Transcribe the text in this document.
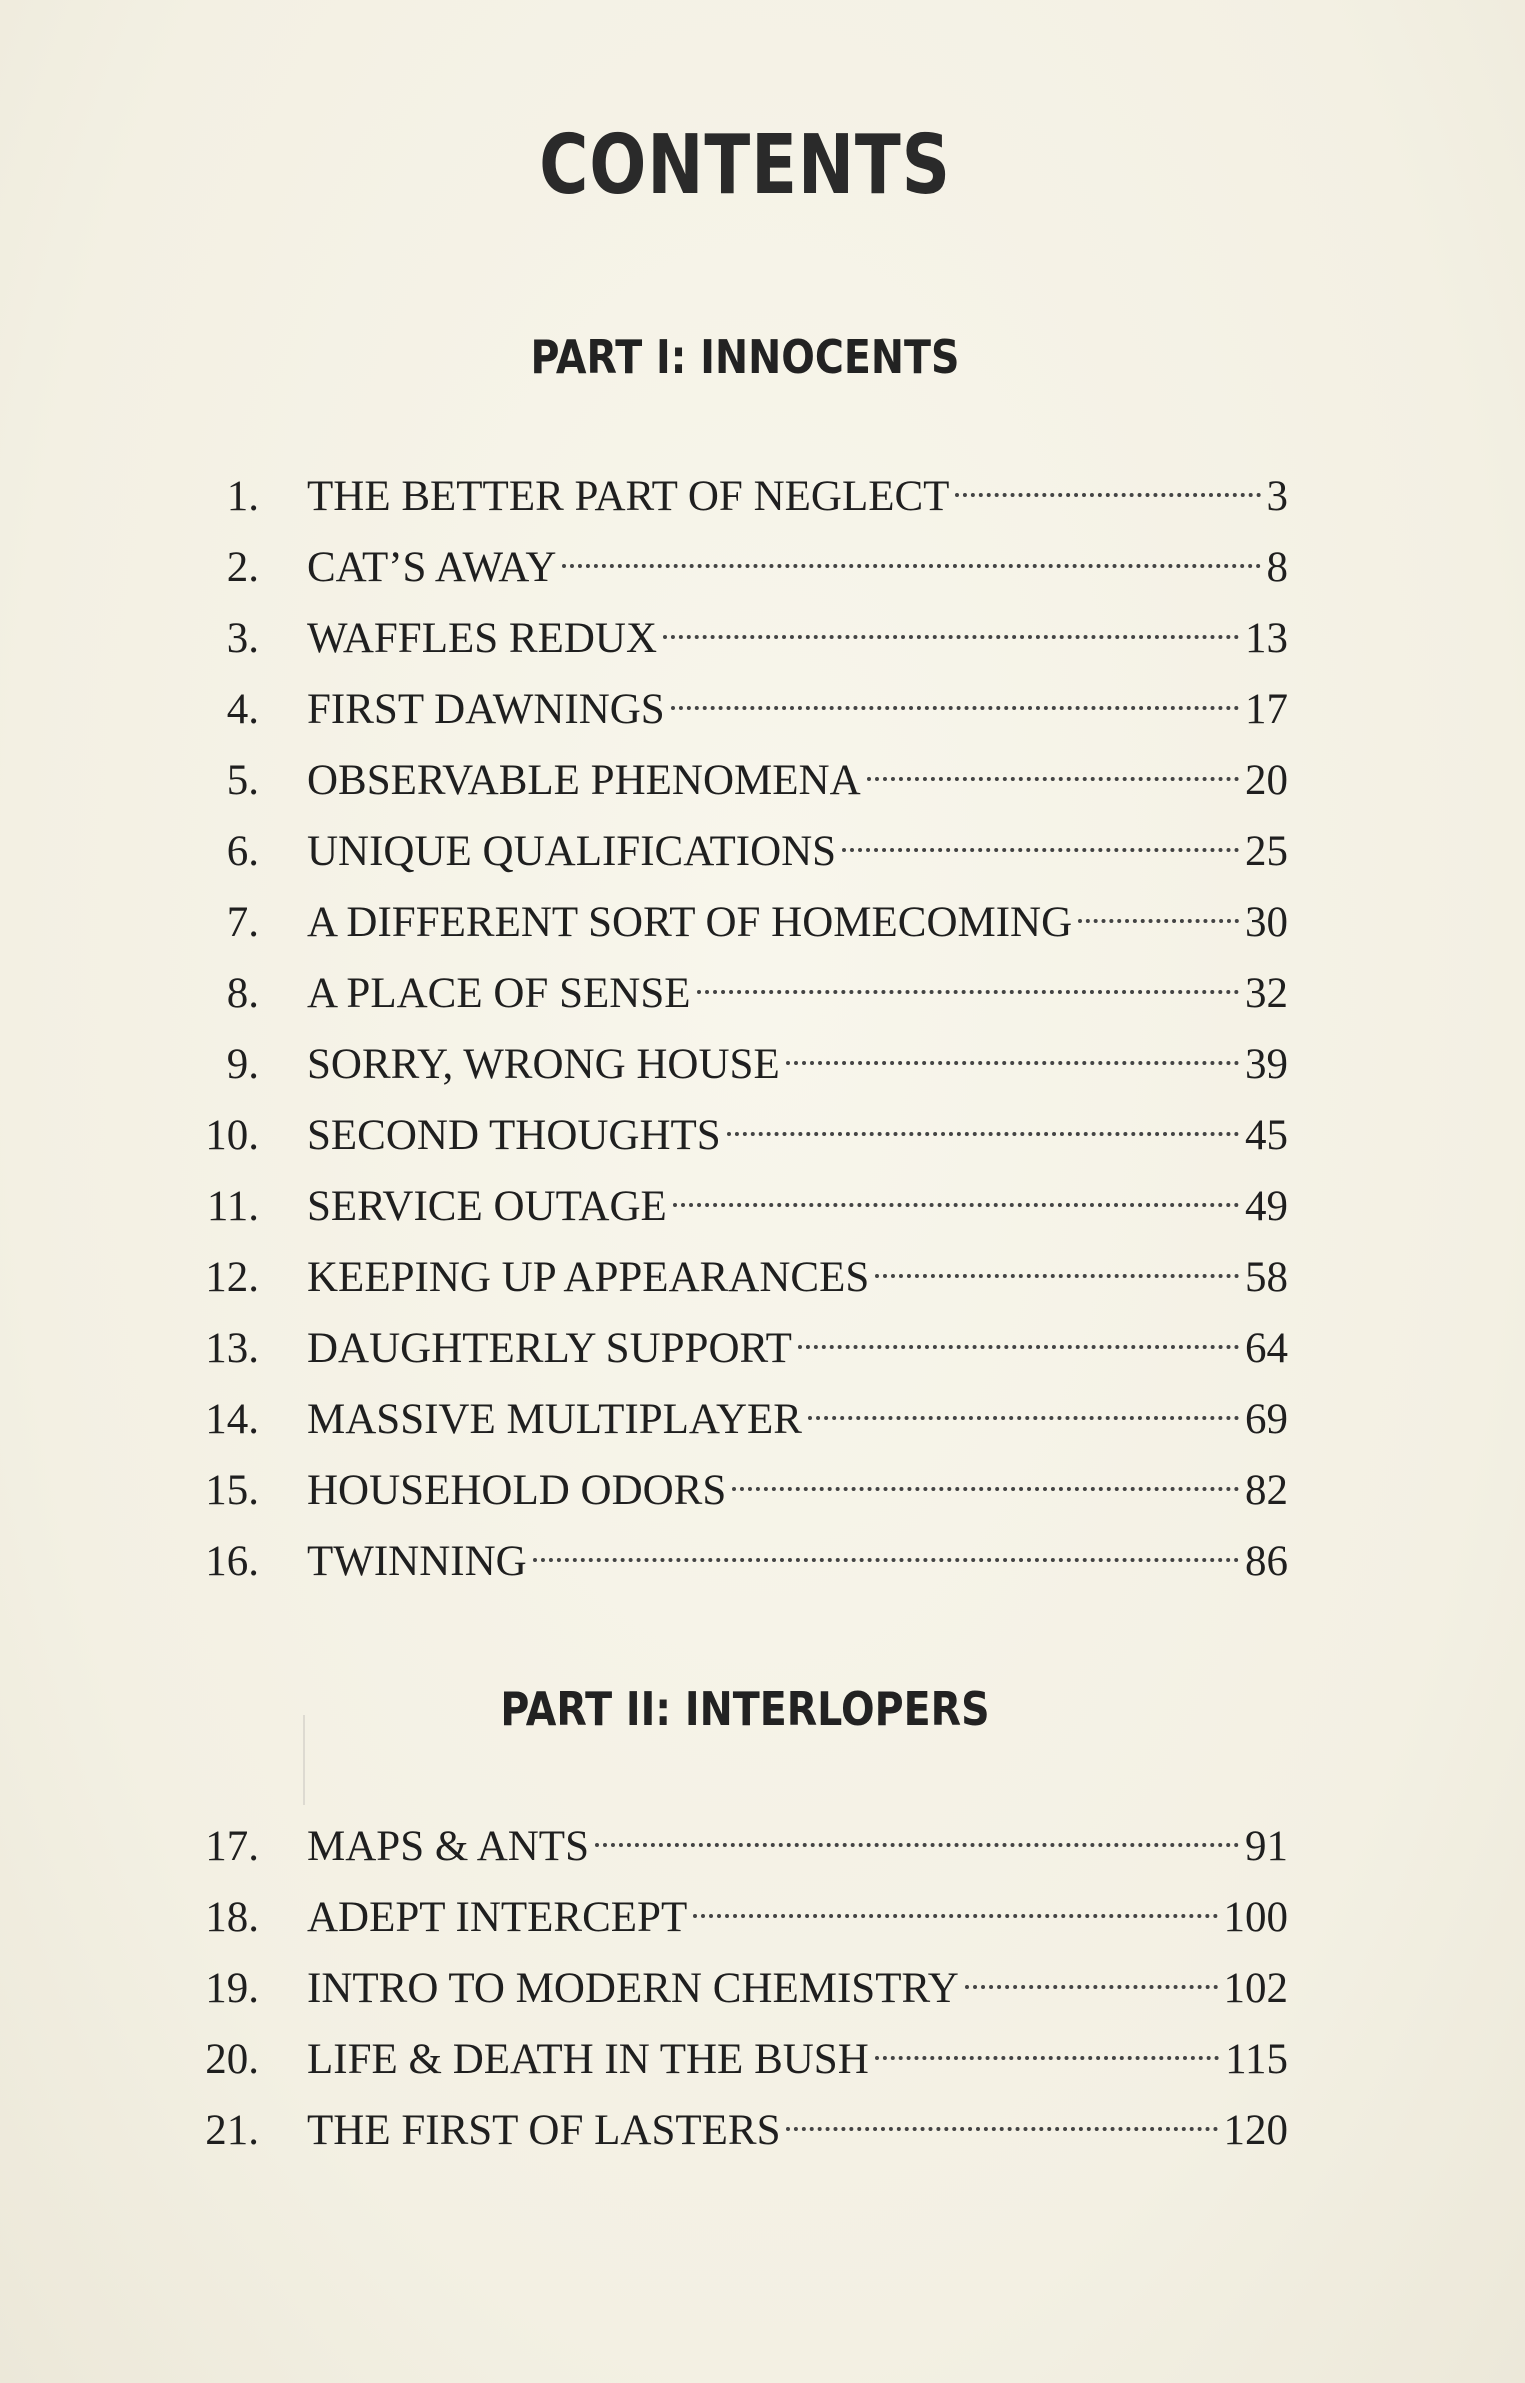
CONTENTS
PART I: INNOCENTS
1.	THE BETTER PART OF NEGLECT	3
2.	CAT’S AWAY	8
3.	WAFFLES REDUX	13
4.	FIRST DAWNINGS	17
5.	OBSERVABLE PHENOMENA	20
6.	UNIQUE QUALIFICATIONS	25
7.	A DIFFERENT SORT OF HOMECOMING	30
8.	A PLACE OF SENSE	32
9.	SORRY, WRONG HOUSE	39
10.	SECOND THOUGHTS	45
11.	SERVICE OUTAGE	49
12.	KEEPING UP APPEARANCES	58
13.	DAUGHTERLY SUPPORT	64
14.	MASSIVE MULTIPLAYER	69
15.	HOUSEHOLD ODORS	82
16.	TWINNING	86
PART II: INTERLOPERS
17.	MAPS & ANTS	91
18.	ADEPT INTERCEPT	100
19.	INTRO TO MODERN CHEMISTRY	102
20.	LIFE & DEATH IN THE BUSH	115
21.	THE FIRST OF LASTERS	120
